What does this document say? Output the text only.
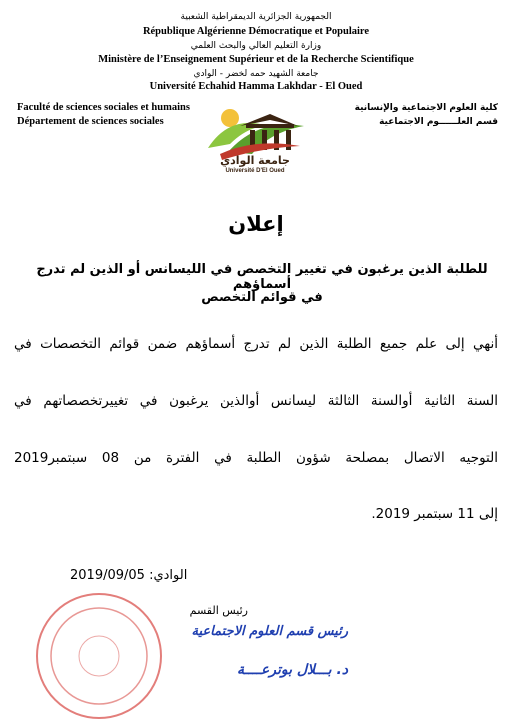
الجمهورية الجزائرية الديمقراطية الشعبية
République Algérienne Démocratique et Populaire
وزارة التعليم العالي والبحث العلمي
Ministère de l’Enseignement Supérieur et de la Recherche Scientifique
جامعة الشهيد حمه لخضر - الوادي
Université Echahid Hamma Lakhdar - El Oued
Faculté de sciences sociales et humains
Département de sciences sociales
كلية العلوم الاجتماعية والإنسانية
قسم العلــــــوم الاجتماعية
جامعة الوادي
Université D'El Oued
إعلان
للطلبة الذين يرغبون في تغيير التخصص في الليسانس أو الذين لم تدرج أسماؤهم
في قوائم التخصص
أنهي إلى علم جميع الطلبة الذين لم تدرج أسماؤهم ضمن قوائم التخصصات في
السنة الثانية أوالسنة الثالثة ليسانس أوالذين يرغبون في تغييرتخصصاتهم في
التوجيه الاتصال بمصلحة شؤون الطلبة في الفترة من 08 سبتمبر2019
إلى 11 سبتمبر 2019.
الوادي: 2019/09/05
رئيس القسم
رئيس قسم العلوم الاجتماعية
د. بـــلال بوترعــــة
